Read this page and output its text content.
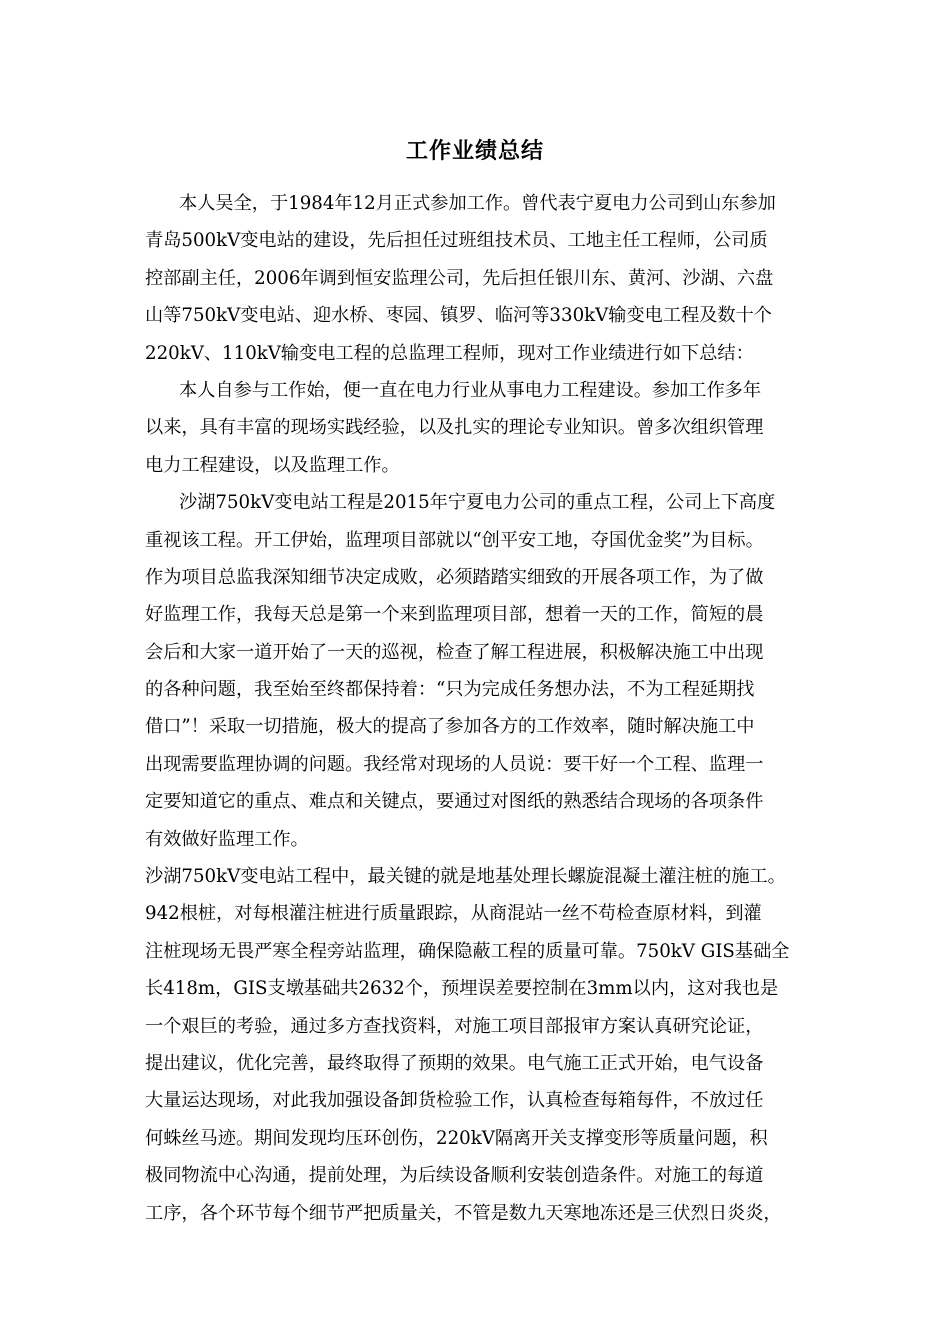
工作业绩总结
本人吴全，于1984年12月正式参加工作。曾代表宁夏电力公司到山东参加
青岛500kV变电站的建设，先后担任过班组技术员、工地主任工程师，公司质
控部副主任，2006年调到恒安监理公司，先后担任银川东、黄河、沙湖、六盘
山等750kV变电站、迎水桥、枣园、镇罗、临河等330kV输变电工程及数十个
220kV、110kV输变电工程的总监理工程师，现对工作业绩进行如下总结：
本人自参与工作始，便一直在电力行业从事电力工程建设。参加工作多年
以来，具有丰富的现场实践经验，以及扎实的理论专业知识。曾多次组织管理
电力工程建设，以及监理工作。
沙湖750kV变电站工程是2015年宁夏电力公司的重点工程，公司上下高度
重视该工程。开工伊始，监理项目部就以“创平安工地，夺国优金奖”为目标。
作为项目总监我深知细节决定成败，必须踏踏实细致的开展各项工作，为了做
好监理工作，我每天总是第一个来到监理项目部，想着一天的工作，简短的晨
会后和大家一道开始了一天的巡视，检查了解工程进展，积极解决施工中出现
的各种问题，我至始至终都保持着：“只为完成任务想办法，不为工程延期找
借口”！采取一切措施，极大的提高了参加各方的工作效率，随时解决施工中
出现需要监理协调的问题。我经常对现场的人员说：要干好一个工程、监理一
定要知道它的重点、难点和关键点，要通过对图纸的熟悉结合现场的各项条件
有效做好监理工作。
沙湖750kV变电站工程中，最关键的就是地基处理长螺旋混凝土灌注桩的施工。
942根桩，对每根灌注桩进行质量跟踪，从商混站一丝不苟检查原材料，到灌
注桩现场无畏严寒全程旁站监理，确保隐蔽工程的质量可靠。750kV GIS基础全
长418m，GIS支墩基础共2632个，预埋误差要控制在3mm以内，这对我也是
一个艰巨的考验，通过多方查找资料，对施工项目部报审方案认真研究论证，
提出建议，优化完善，最终取得了预期的效果。电气施工正式开始，电气设备
大量运达现场，对此我加强设备卸货检验工作，认真检查每箱每件，不放过任
何蛛丝马迹。期间发现均压环创伤，220kV隔离开关支撑变形等质量问题，积
极同物流中心沟通，提前处理，为后续设备顺利安装创造条件。对施工的每道
工序，各个环节每个细节严把质量关，不管是数九天寒地冻还是三伏烈日炎炎，
